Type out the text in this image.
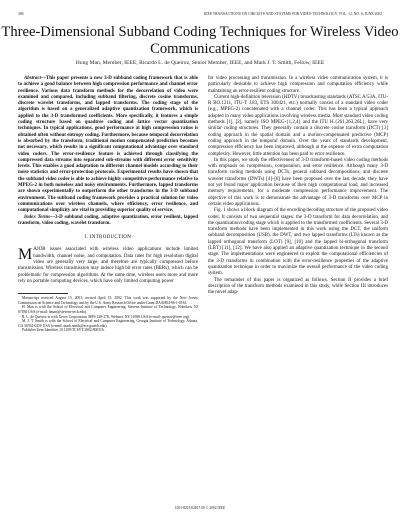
386	IEEE TRANSACTIONS ON CIRCUITS AND SYSTEMS FOR VIDEO TECHNOLOGY, VOL. 12, NO. 6, JUNE 2002
Three-Dimensional Subband Coding Techniques for Wireless Video Communications
Hong Man, Member, IEEE, Ricardo L. de Queiroz, Senior Member, IEEE, and Mark J. T. Smith, Fellow, IEEE

Abstract—This paper presents a new 3-D subband coding framework that is able to achieve a good balance between high compression performance and channel error resilience. Various data transform methods for the decorrelation of video were examined and compared, including subband filtering, discrete cosine transforms, discrete wavelet transforms, and lapped transforms. The coding stage of the algorithm is based on a generalized adaptive quantization framework, which is applied to the 3-D transformed coefficients. More specifically, it features a simple coding structure based on quadtree coding and lattice vector quantization techniques. In typical applications, good performance at high compression ratios is obtained often without entropy coding. Furthermore, because temporal decorrelation is absorbed by the transform, traditional motion compensated prediction becomes not necessary, which results in a significant computational advantage over standard video coders. The error-resilience feature is achieved through classifying the compressed data streams into separated sub-streams with different error sensitivity levels. This enables a good adaptation to different channel models according to their noise statistics and error-protection protocols. Experimental results have shown that the subband video coder is able to achieve highly competitive performance relative to MPEG-2 in both noiseless and noisy environments. Furthermore, lapped transforms are shown experimentally to outperform the other transforms in the 3-D subband environment. The subband coding framework provides a practical solution for video communications over wireless channels, where efficiency, error resilience, and computational simplicity are vital in providing superior quality of service.

Index Terms—3-D subband coding, adaptive quantization, error resilient, lapped transform, video coding, wavelet transform.

I. INTRODUCTION

MAJOR issues associated with wireless video applications include limited bandwidth, channel noise, and computation. Data rates for high resolution digital video are generally very large, and therefore are typically compressed before transmission. Wireless transmission may induce high bit error rates (BERs), which can be problematic for compression algorithms. At the same time, wireless users more and more rely on portable computing devices, which have only limited computing power

Manuscript received August 15, 2001; revised April 15, 2002. This work was supported by the New Jersey Commission on Science and Technology and by the U.S. Army Research Office under Grant DAAH04-96-1-0161.

H. Man is with the School of Electrical and Computer Engineering, Stevens Institute of Technology, Hoboken, NJ 07030 USA (e-mail: hman@stevens-tech.edu).

R. L. de Queiroz is with Xerox Corporation, MPS 128-27E, Webster, NY 14580 USA (e-mail: queiroz@ieee.org).

M. J. T. Smith is with the School of Electrical and Computer Engineering, Georgia Institute of Technology, Atlanta, GA 30332-0250 USA (e-mail: mark.smith@ece.gatech.edu).

Publisher Item Identifier 10.1109/TCSVT.2002.800316.

for video processing and transmission. In a wireless video communication system, it is particularly desirable to achieve high compression and computation efficiency while maintaining an error-resilient coding structure.

Current high-definition television (HDTV) broadcasting standards (ATSC A/53A, ITU-R BO.1211, ITU-T J.83, ETS 300421, etc.) normally consist of a standard video coder (e.g., MPEG-2) concatenated with a channel coder. This has been a typical approach adopted in many video applications involving wireless media. Most standard video coding methods [1], [2], namely ISO MPEG-{1,2,4} and the ITU H.{261,263,26L}, have very similar coding structures. They generally contain a discrete cosine transform (DCT) [3] coding approach in the spatial domain and a motion-compensated predictive (MCP) coding approach in the temporal domain. Over the years of standards development, compression efficiency has been improved, although at the expense of extra computation complexity. However, little attention has been paid to error resilience.

In this paper, we study the effectiveness of 3-D transform-based video coding methods with emphasis on compression, computation, and error resilience. Although many 3-D transform coding methods using DCTs, general subband decompositions, and discrete wavelet transforms (DWTs) [4]–[8] have been proposed over the last decade, they have not yet found major application because of their high computational load, and increased memory requirements, for a moderate compression performance improvement. The objective of this work is to demonstrate the advantage of 3-D transforms over MCP in certain video applications.

Fig. 1 shows a block diagram of the encoding/decoding structure of the proposed video coder. It consists of two sequential stages: the 3-D transform for data decorrelation, and the quantization/coding stage which is applied to the transformed coefficients. Several 3-D transform methods have been implemented in this work using the DCT, the uniform subband decomposition (USB), the DWT, and two lapped transforms (LTs) known as the lapped orthogonal transform (LOT) [9], [10] and the lapped bi-orthogonal transform (LBT) [11], [12]. We have also applied an adaptive quantization technique in the second stage. The implementations were engineered to exploit the computational efficiencies of the 3-D transforms in combination with the error-resilience properties of the adaptive quantization technique in order to maximize the overall performance of the video coding system.

The remainder of this paper is organized as follows. Section II provides a brief description of the transform methods examined in this study, while Section III introduces the novel adap-

1051-8215/02$17.00 © 2002 IEEE
